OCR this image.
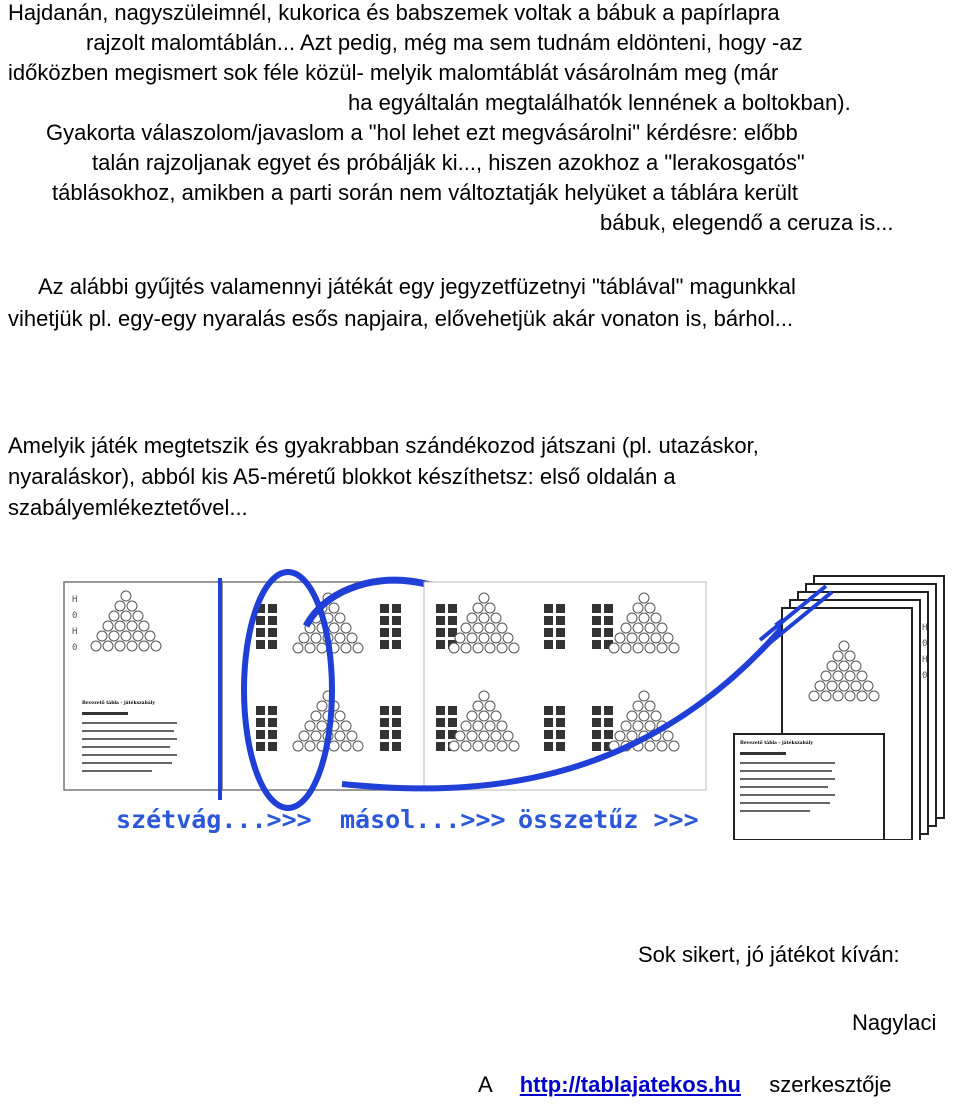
Hajdanán, nagyszüleimnél, kukorica és babszemek voltak a bábuk a papírlapra
rajzolt malomtáblán... Azt pedig, még ma sem tudnám eldönteni, hogy -az
időközben megismert sok féle közül- melyik malomtáblát vásárolnám meg (már
ha egyáltalán megtalálhatók lennének a boltokban).
Gyakorta válaszolom/javaslom a "hol lehet ezt megvásárolni" kérdésre: előbb
talán rajzoljanak egyet és próbálják ki..., hiszen azokhoz a "lerakosgatós"
táblásokhoz, amikben a parti során nem változtatják helyüket a táblára került
bábuk, elegendő a ceruza is...
Az alábbi gyűjtés valamennyi játékát egy jegyzetfüzetnyi "táblával" magunkkal
vihetjük pl. egy-egy nyaralás esős napjaira, elővehetjük akár vonaton is, bárhol...
Amelyik játék megtetszik és gyakrabban szándékozod játszani (pl. utazáskor,
nyaraláskor), abból kis A5-méretű blokkot készíthetsz: első oldalán a
szabályemlékeztetővel...
H
0
H
0
Bevezető tábla - játékszabály
Bevezető tábla - játékszabály
H
0
H
0
szétvág...>>> másol...>>> összetűz >>>
Sok sikert, jó játékot kíván:
Nagylaci
A http://tablajatekos.hu szerkesztője
